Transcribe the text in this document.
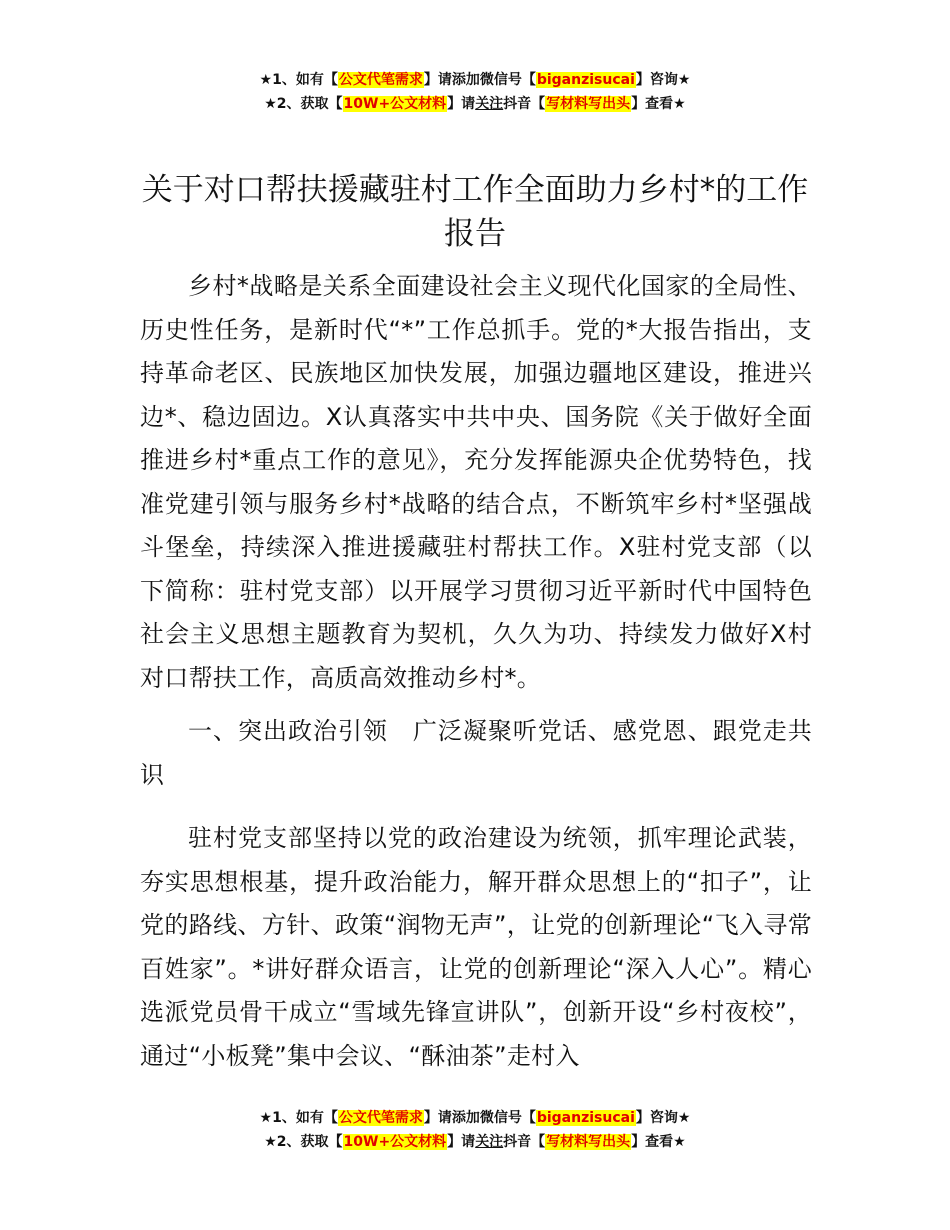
★1、如有【公文代笔需求】请添加微信号【biganzisucai】咨询★
★2、获取【10W+公文材料】请关注抖音【写材料写出头】查看★
关于对口帮扶援藏驻村工作全面助力乡村*的工作报告

乡村*战略是关系全面建设社会主义现代化国家的全局性、历史性任务，是新时代“*”工作总抓手。党的*大报告指出，支持革命老区、民族地区加快发展，加强边疆地区建设，推进兴边*、稳边固边。X认真落实中共中央、国务院《关于做好全面推进乡村*重点工作的意见》，充分发挥能源央企优势特色，找准党建引领与服务乡村*战略的结合点，不断筑牢乡村*坚强战斗堡垒，持续深入推进援藏驻村帮扶工作。X驻村党支部（以下简称：驻村党支部）以开展学习贯彻习近平新时代中国特色社会主义思想主题教育为契机，久久为功、持续发力做好X村对口帮扶工作，高质高效推动乡村*。

一、突出政治引领　广泛凝聚听党话、感党恩、跟党走共识

驻村党支部坚持以党的政治建设为统领，抓牢理论武装，夯实思想根基，提升政治能力，解开群众思想上的“扣子”，让党的路线、方针、政策“润物无声”，让党的创新理论“飞入寻常百姓家”。*讲好群众语言，让党的创新理论“深入人心”。精心选派党员骨干成立“雪域先锋宣讲队”，创新开设“乡村夜校”，通过“小板凳”集中会议、“酥油茶”走村入

★1、如有【公文代笔需求】请添加微信号【biganzisucai】咨询★
★2、获取【10W+公文材料】请关注抖音【写材料写出头】查看★
